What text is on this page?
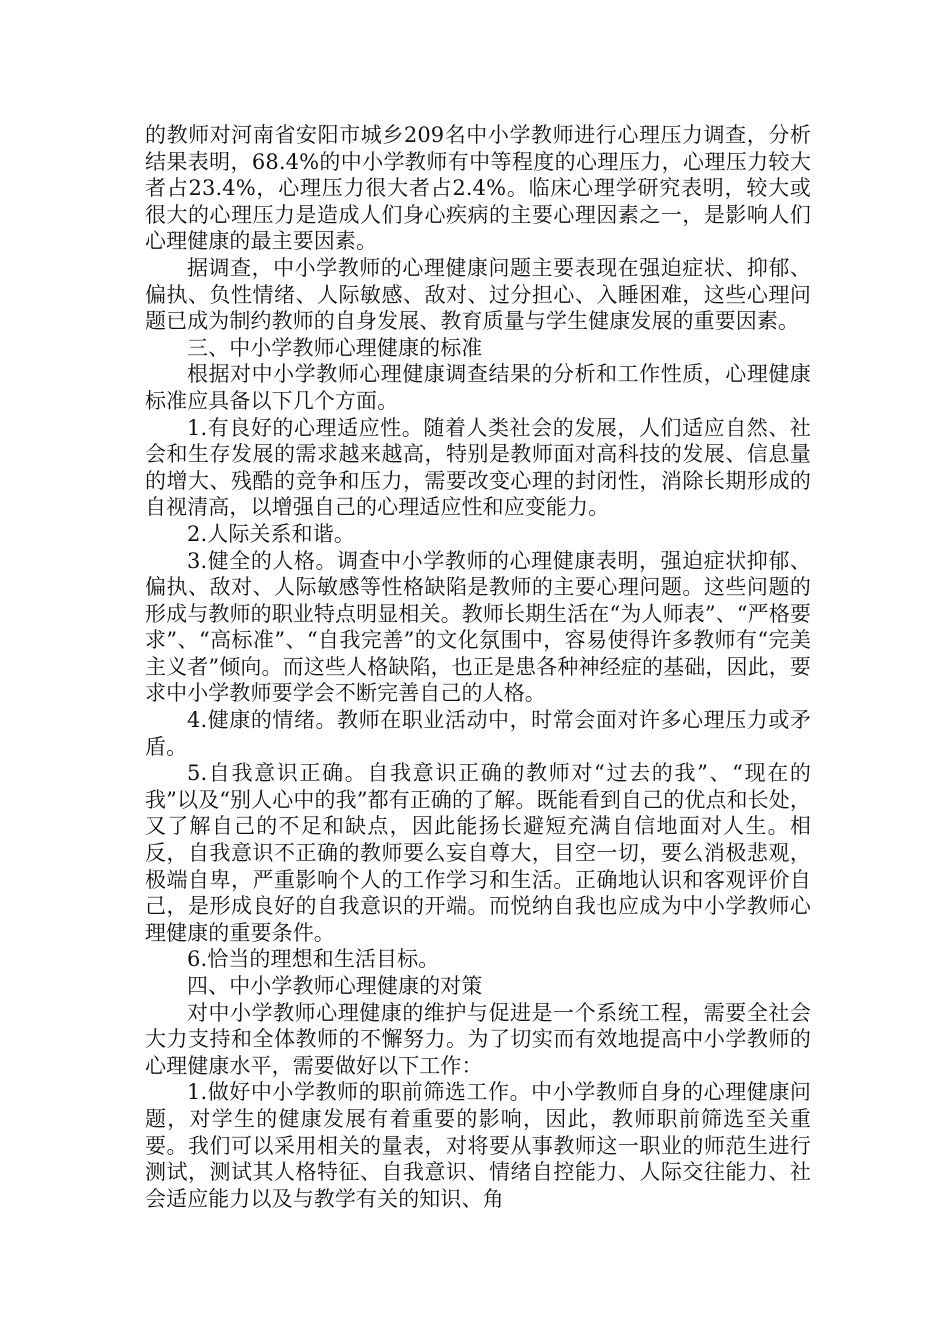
的教师对河南省安阳市城乡209名中小学教师进行心理压力调查，分析结果表明，68.4%的中小学教师有中等程度的心理压力，心理压力较大者占23.4%，心理压力很大者占2.4%。临床心理学研究表明，较大或很大的心理压力是造成人们身心疾病的主要心理因素之一，是影响人们心理健康的最主要因素。

据调查，中小学教师的心理健康问题主要表现在强迫症状、抑郁、偏执、负性情绪、人际敏感、敌对、过分担心、入睡困难，这些心理问题已成为制约教师的自身发展、教育质量与学生健康发展的重要因素。

三、中小学教师心理健康的标准

根据对中小学教师心理健康调查结果的分析和工作性质，心理健康标准应具备以下几个方面。

1.有良好的心理适应性。随着人类社会的发展，人们适应自然、社会和生存发展的需求越来越高，特别是教师面对高科技的发展、信息量的增大、残酷的竞争和压力，需要改变心理的封闭性，消除长期形成的自视清高，以增强自己的心理适应性和应变能力。

2.人际关系和谐。

3.健全的人格。调查中小学教师的心理健康表明，强迫症状抑郁、偏执、敌对、人际敏感等性格缺陷是教师的主要心理问题。这些问题的形成与教师的职业特点明显相关。教师长期生活在“为人师表”、“严格要求”、“高标准”、“自我完善”的文化氛围中，容易使得许多教师有“完美主义者”倾向。而这些人格缺陷，也正是患各种神经症的基础，因此，要求中小学教师要学会不断完善自己的人格。

4.健康的情绪。教师在职业活动中，时常会面对许多心理压力或矛盾。

5.自我意识正确。自我意识正确的教师对“过去的我”、“现在的我”以及“别人心中的我”都有正确的了解。既能看到自己的优点和长处，又了解自己的不足和缺点，因此能扬长避短充满自信地面对人生。相反，自我意识不正确的教师要么妄自尊大，目空一切，要么消极悲观，极端自卑，严重影响个人的工作学习和生活。正确地认识和客观评价自己，是形成良好的自我意识的开端。而悦纳自我也应成为中小学教师心理健康的重要条件。

6.恰当的理想和生活目标。

四、中小学教师心理健康的对策

对中小学教师心理健康的维护与促进是一个系统工程，需要全社会大力支持和全体教师的不懈努力。为了切实而有效地提高中小学教师的心理健康水平，需要做好以下工作：

1.做好中小学教师的职前筛选工作。中小学教师自身的心理健康问题，对学生的健康发展有着重要的影响，因此，教师职前筛选至关重要。我们可以采用相关的量表，对将要从事教师这一职业的师范生进行测试，测试其人格特征、自我意识、情绪自控能力、人际交往能力、社会适应能力以及与教学有关的知识、角
